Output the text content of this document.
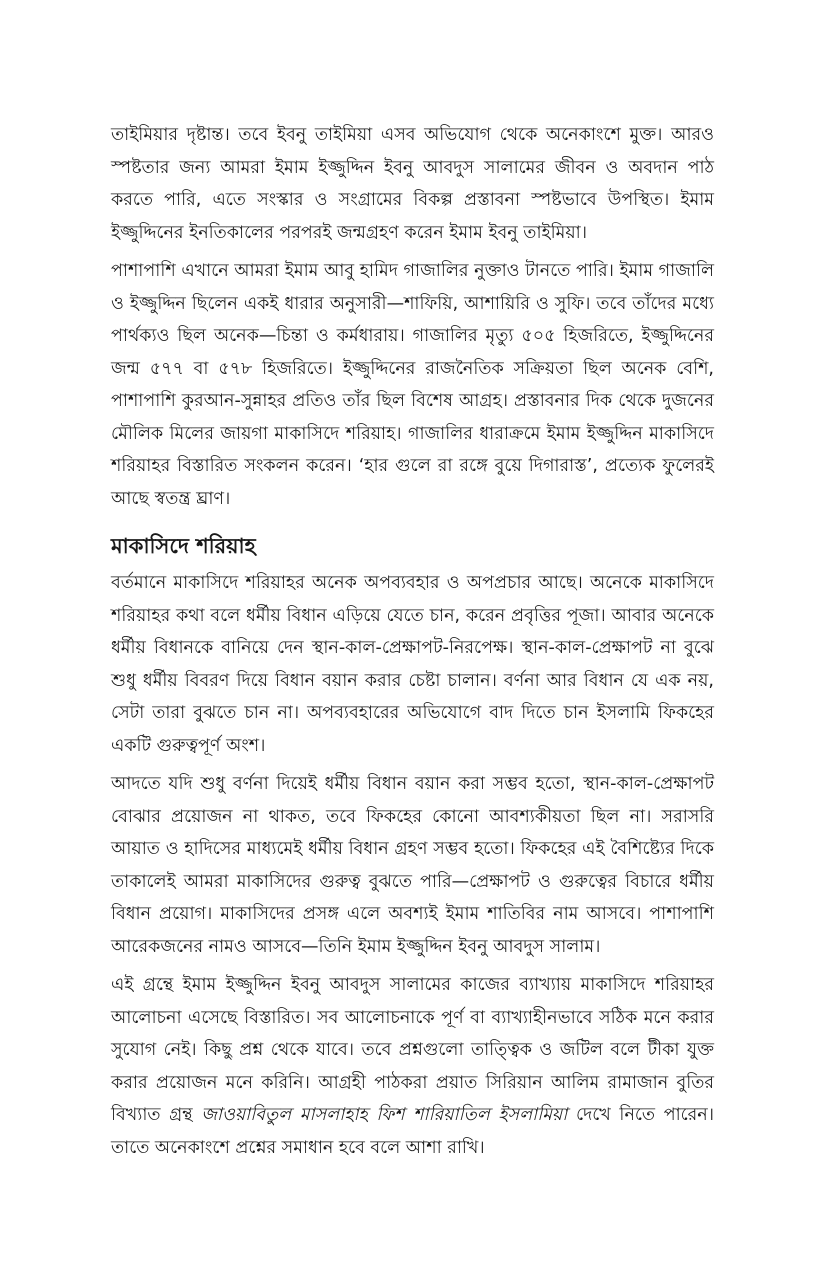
তাইমিয়ার দৃষ্টান্ত। তবে ইবনু তাইমিয়া এসব অভিযোগ থেকে অনেকাংশে মুক্ত। আরও স্পষ্টতার জন্য আমরা ইমাম ইজ্জুদ্দিন ইবনু আবদুস সালামের জীবন ও অবদান পাঠ করতে পারি, এতে সংস্কার ও সংগ্রামের বিকল্প প্রস্তাবনা স্পষ্টভাবে উপস্থিত। ইমাম ইজ্জুদ্দিনের ইনতিকালের পরপরই জন্মগ্রহণ করেন ইমাম ইবনু তাইমিয়া।

পাশাপাশি এখানে আমরা ইমাম আবু হামিদ গাজালির নুক্তাও টানতে পারি। ইমাম গাজালি ও ইজ্জুদ্দিন ছিলেন একই ধারার অনুসারী—শাফিয়ি, আশায়িরি ও সুফি। তবে তাঁদের মধ্যে পার্থক্যও ছিল অনেক—চিন্তা ও কর্মধারায়। গাজালির মৃত্যু ৫০৫ হিজরিতে, ইজ্জুদ্দিনের জন্ম ৫৭৭ বা ৫৭৮ হিজরিতে। ইজ্জুদ্দিনের রাজনৈতিক সক্রিয়তা ছিল অনেক বেশি, পাশাপাশি কুরআন-সুন্নাহর প্রতিও তাঁর ছিল বিশেষ আগ্রহ। প্রস্তাবনার দিক থেকে দুজনের মৌলিক মিলের জায়গা মাকাসিদে শরিয়াহ। গাজালির ধারাক্রমে ইমাম ইজ্জুদ্দিন মাকাসিদে শরিয়াহর বিস্তারিত সংকলন করেন। ‘হার গুলে রা রঙ্গে বুয়ে দিগারাস্ত’, প্রত্যেক ফুলেরই আছে স্বতন্ত্র ঘ্রাণ।

মাকাসিদে শরিয়াহ

বর্তমানে মাকাসিদে শরিয়াহর অনেক অপব্যবহার ও অপপ্রচার আছে। অনেকে মাকাসিদে শরিয়াহর কথা বলে ধর্মীয় বিধান এড়িয়ে যেতে চান, করেন প্রবৃত্তির পূজা। আবার অনেকে ধর্মীয় বিধানকে বানিয়ে দেন স্থান-কাল-প্রেক্ষাপট-নিরপেক্ষ। স্থান-কাল-প্রেক্ষাপট না বুঝে শুধু ধর্মীয় বিবরণ দিয়ে বিধান বয়ান করার চেষ্টা চালান। বর্ণনা আর বিধান যে এক নয়, সেটা তারা বুঝতে চান না। অপব্যবহারের অভিযোগে বাদ দিতে চান ইসলামি ফিকহের একটি গুরুত্বপূর্ণ অংশ।

আদতে যদি শুধু বর্ণনা দিয়েই ধর্মীয় বিধান বয়ান করা সম্ভব হতো, স্থান-কাল-প্রেক্ষাপট বোঝার প্রয়োজন না থাকত, তবে ফিকহের কোনো আবশ্যকীয়তা ছিল না। সরাসরি আয়াত ও হাদিসের মাধ্যমেই ধর্মীয় বিধান গ্রহণ সম্ভব হতো। ফিকহের এই বৈশিষ্ট্যের দিকে তাকালেই আমরা মাকাসিদের গুরুত্ব বুঝতে পারি—প্রেক্ষাপট ও গুরুত্বের বিচারে ধর্মীয় বিধান প্রয়োগ। মাকাসিদের প্রসঙ্গ এলে অবশ্যই ইমাম শাতিবির নাম আসবে। পাশাপাশি আরেকজনের নামও আসবে—তিনি ইমাম ইজ্জুদ্দিন ইবনু আবদুস সালাম।

এই গ্রন্থে ইমাম ইজ্জুদ্দিন ইবনু আবদুস সালামের কাজের ব্যাখ্যায় মাকাসিদে শরিয়াহর আলোচনা এসেছে বিস্তারিত। সব আলোচনাকে পূর্ণ বা ব্যাখ্যাহীনভাবে সঠিক মনে করার সুযোগ নেই। কিছু প্রশ্ন থেকে যাবে। তবে প্রশ্নগুলো তাত্ত্বিক ও জটিল বলে টীকা যুক্ত করার প্রয়োজন মনে করিনি। আগ্রহী পাঠকরা প্রয়াত সিরিয়ান আলিম রামাজান বুতির বিখ্যাত গ্রন্থ জাওয়াবিতুল মাসলাহাহ ফিশ শারিয়াতিল ইসলামিয়া দেখে নিতে পারেন। তাতে অনেকাংশে প্রশ্নের সমাধান হবে বলে আশা রাখি।
